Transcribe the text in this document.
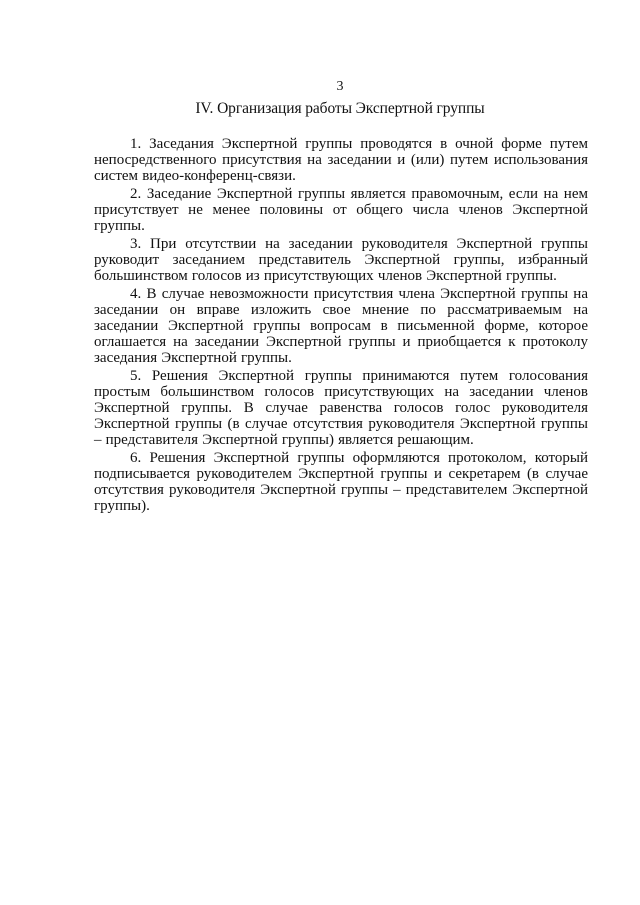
3
IV. Организация работы Экспертной группы

1. Заседания Экспертной группы проводятся в очной форме путем непосредственного присутствия на заседании и (или) путем использования систем видео-конференц-связи.

2. Заседание Экспертной группы является правомочным, если на нем присутствует не менее половины от общего числа членов Экспертной группы.

3. При отсутствии на заседании руководителя Экспертной группы руководит заседанием представитель Экспертной группы, избранный большинством голосов из присутствующих членов Экспертной группы.

4. В случае невозможности присутствия члена Экспертной группы на заседании он вправе изложить свое мнение по рассматриваемым на заседании Экспертной группы вопросам в письменной форме, которое оглашается на заседании Экспертной группы и приобщается к протоколу заседания Экспертной группы.

5. Решения Экспертной группы принимаются путем голосования простым большинством голосов присутствующих на заседании членов Экспертной группы. В случае равенства голосов голос руководителя Экспертной группы (в случае отсутствия руководителя Экспертной группы – представителя Экспертной группы) является решающим.

6. Решения Экспертной группы оформляются протоколом, который подписывается руководителем Экспертной группы и секретарем (в случае отсутствия руководителя Экспертной группы – представителем Экспертной группы).
